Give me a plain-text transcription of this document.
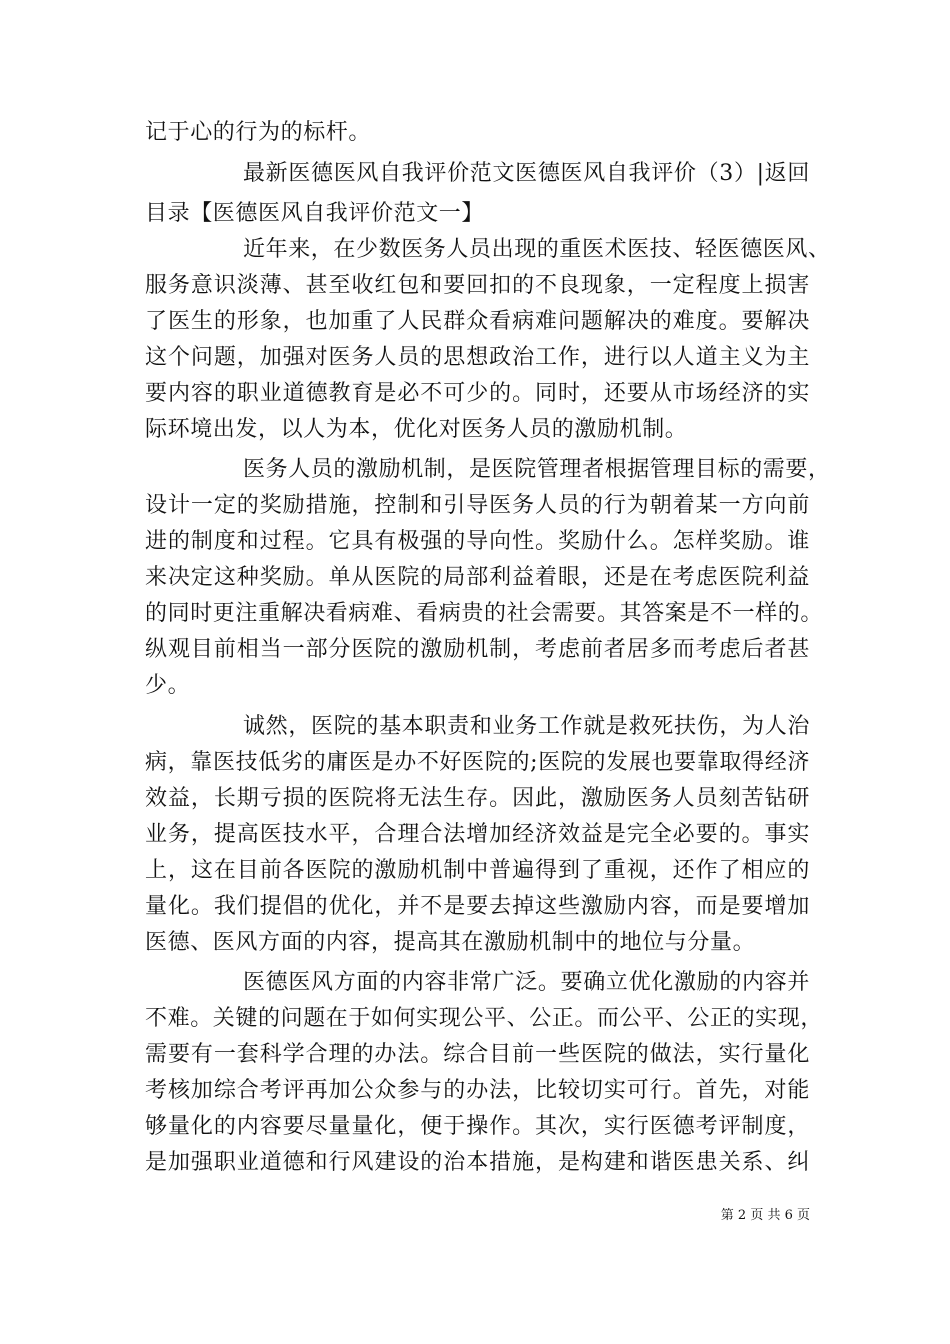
记于心的行为的标杆。
最新医德医风自我评价范文医德医风自我评价（3）|返回
目录【医德医风自我评价范文一】
近年来，在少数医务人员出现的重医术医技、轻医德医风、
服务意识淡薄、甚至收红包和要回扣的不良现象，一定程度上损害
了医生的形象，也加重了人民群众看病难问题解决的难度。要解决
这个问题，加强对医务人员的思想政治工作，进行以人道主义为主
要内容的职业道德教育是必不可少的。同时，还要从市场经济的实
际环境出发，以人为本，优化对医务人员的激励机制。
医务人员的激励机制，是医院管理者根据管理目标的需要，
设计一定的奖励措施，控制和引导医务人员的行为朝着某一方向前
进的制度和过程。它具有极强的导向性。奖励什么。怎样奖励。谁
来决定这种奖励。单从医院的局部利益着眼，还是在考虑医院利益
的同时更注重解决看病难、看病贵的社会需要。其答案是不一样的。
纵观目前相当一部分医院的激励机制，考虑前者居多而考虑后者甚
少。
诚然，医院的基本职责和业务工作就是救死扶伤，为人治
病，靠医技低劣的庸医是办不好医院的;医院的发展也要靠取得经济
效益，长期亏损的医院将无法生存。因此，激励医务人员刻苦钻研
业务，提高医技水平，合理合法增加经济效益是完全必要的。事实
上，这在目前各医院的激励机制中普遍得到了重视，还作了相应的
量化。我们提倡的优化，并不是要去掉这些激励内容，而是要增加
医德、医风方面的内容，提高其在激励机制中的地位与分量。
医德医风方面的内容非常广泛。要确立优化激励的内容并
不难。关键的问题在于如何实现公平、公正。而公平、公正的实现，
需要有一套科学合理的办法。综合目前一些医院的做法，实行量化
考核加综合考评再加公众参与的办法，比较切实可行。首先，对能
够量化的内容要尽量量化，便于操作。其次，实行医德考评制度，
是加强职业道德和行风建设的治本措施，是构建和谐医患关系、纠
第 2 页 共 6 页
